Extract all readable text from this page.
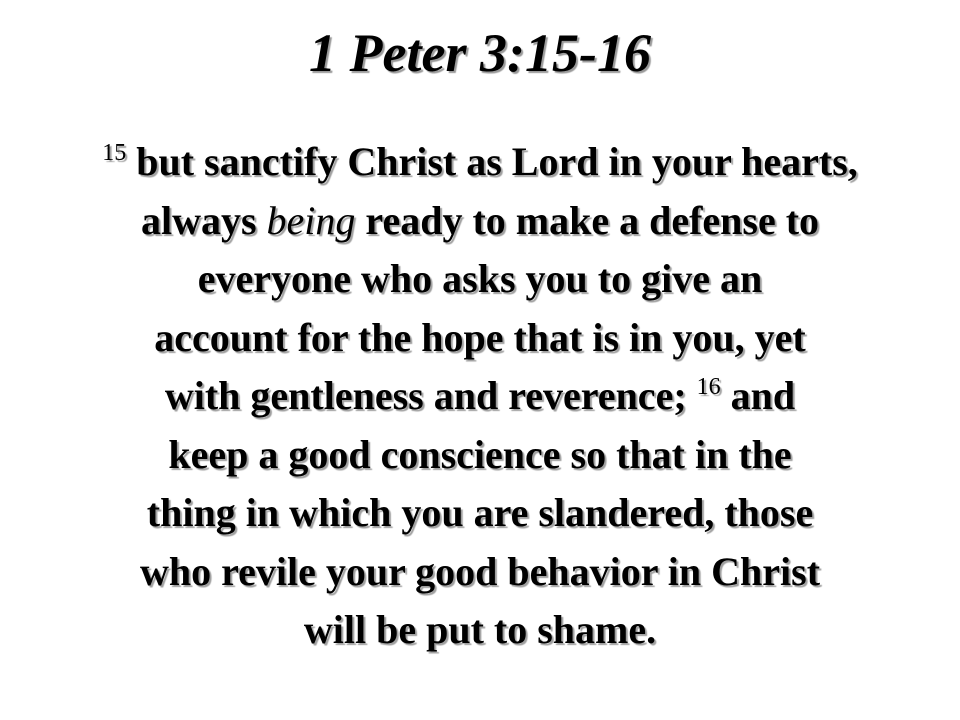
1 Peter 3:15-16
$^{15}$ but sanctify Christ as Lord in your hearts,
always being ready to make a defense to
everyone who asks you to give an
account for the hope that is in you, yet
with gentleness and reverence; $^{16}$ and
keep a good conscience so that in the
thing in which you are slandered, those
who revile your good behavior in Christ
will be put to shame.
